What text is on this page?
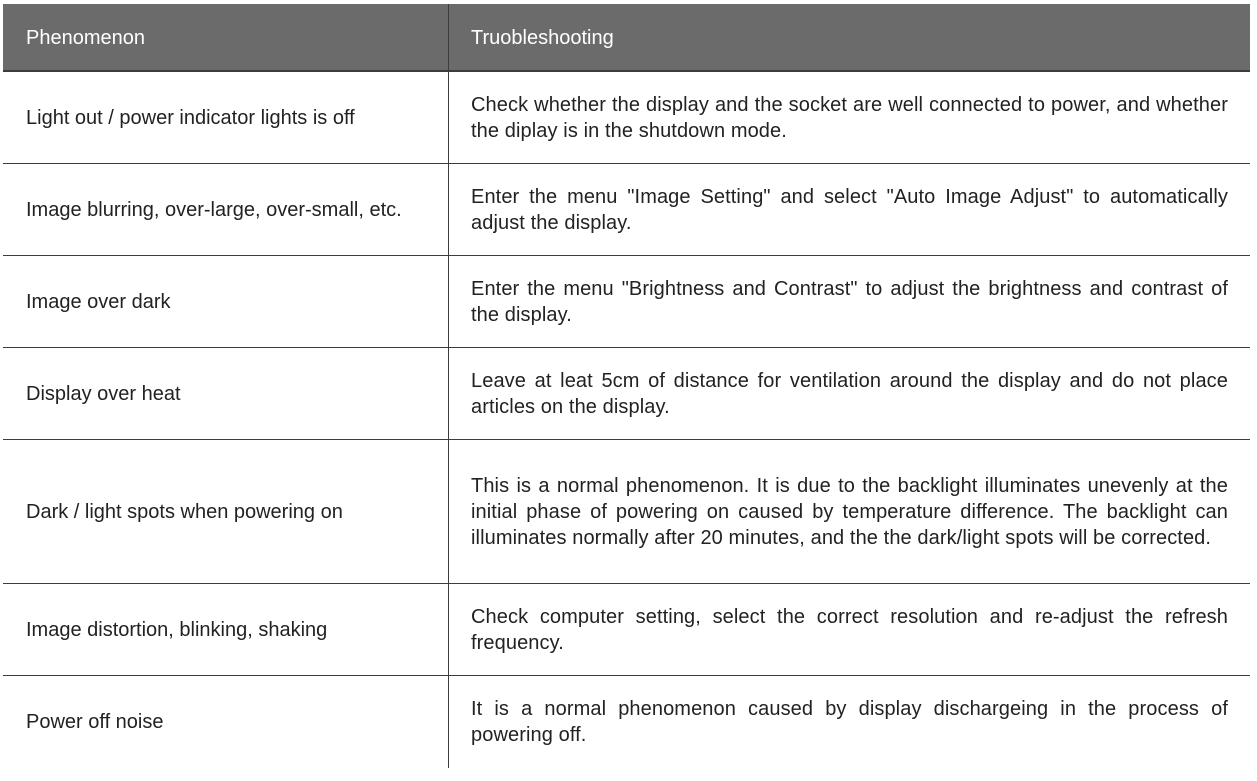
Phenomenon	Truobleshooting
Light out / power indicator lights is off
Check whether the display and the socket are well connected to power, and whether the diplay is in the shutdown mode.
Image blurring, over-large, over-small, etc.
Enter the menu "Image Setting" and select "Auto Image Adjust" to automatically adjust the display.
Image over dark
Enter the menu "Brightness and Contrast" to adjust the brightness and contrast of the display.
Display over heat
Leave at leat 5cm of distance for ventilation around the display and do not place articles on the display.
Dark / light spots when powering on
This is a normal phenomenon. It is due to the backlight illuminates unevenly at the initial phase of powering on caused by temperature difference. The backlight can illuminates normally after 20 minutes, and the the dark/light spots will be corrected.
Image distortion, blinking, shaking
Check computer setting, select the correct resolution and re-adjust the refresh frequency.
Power off noise
It is a normal phenomenon caused by display dischargeing in the process of powering off.
